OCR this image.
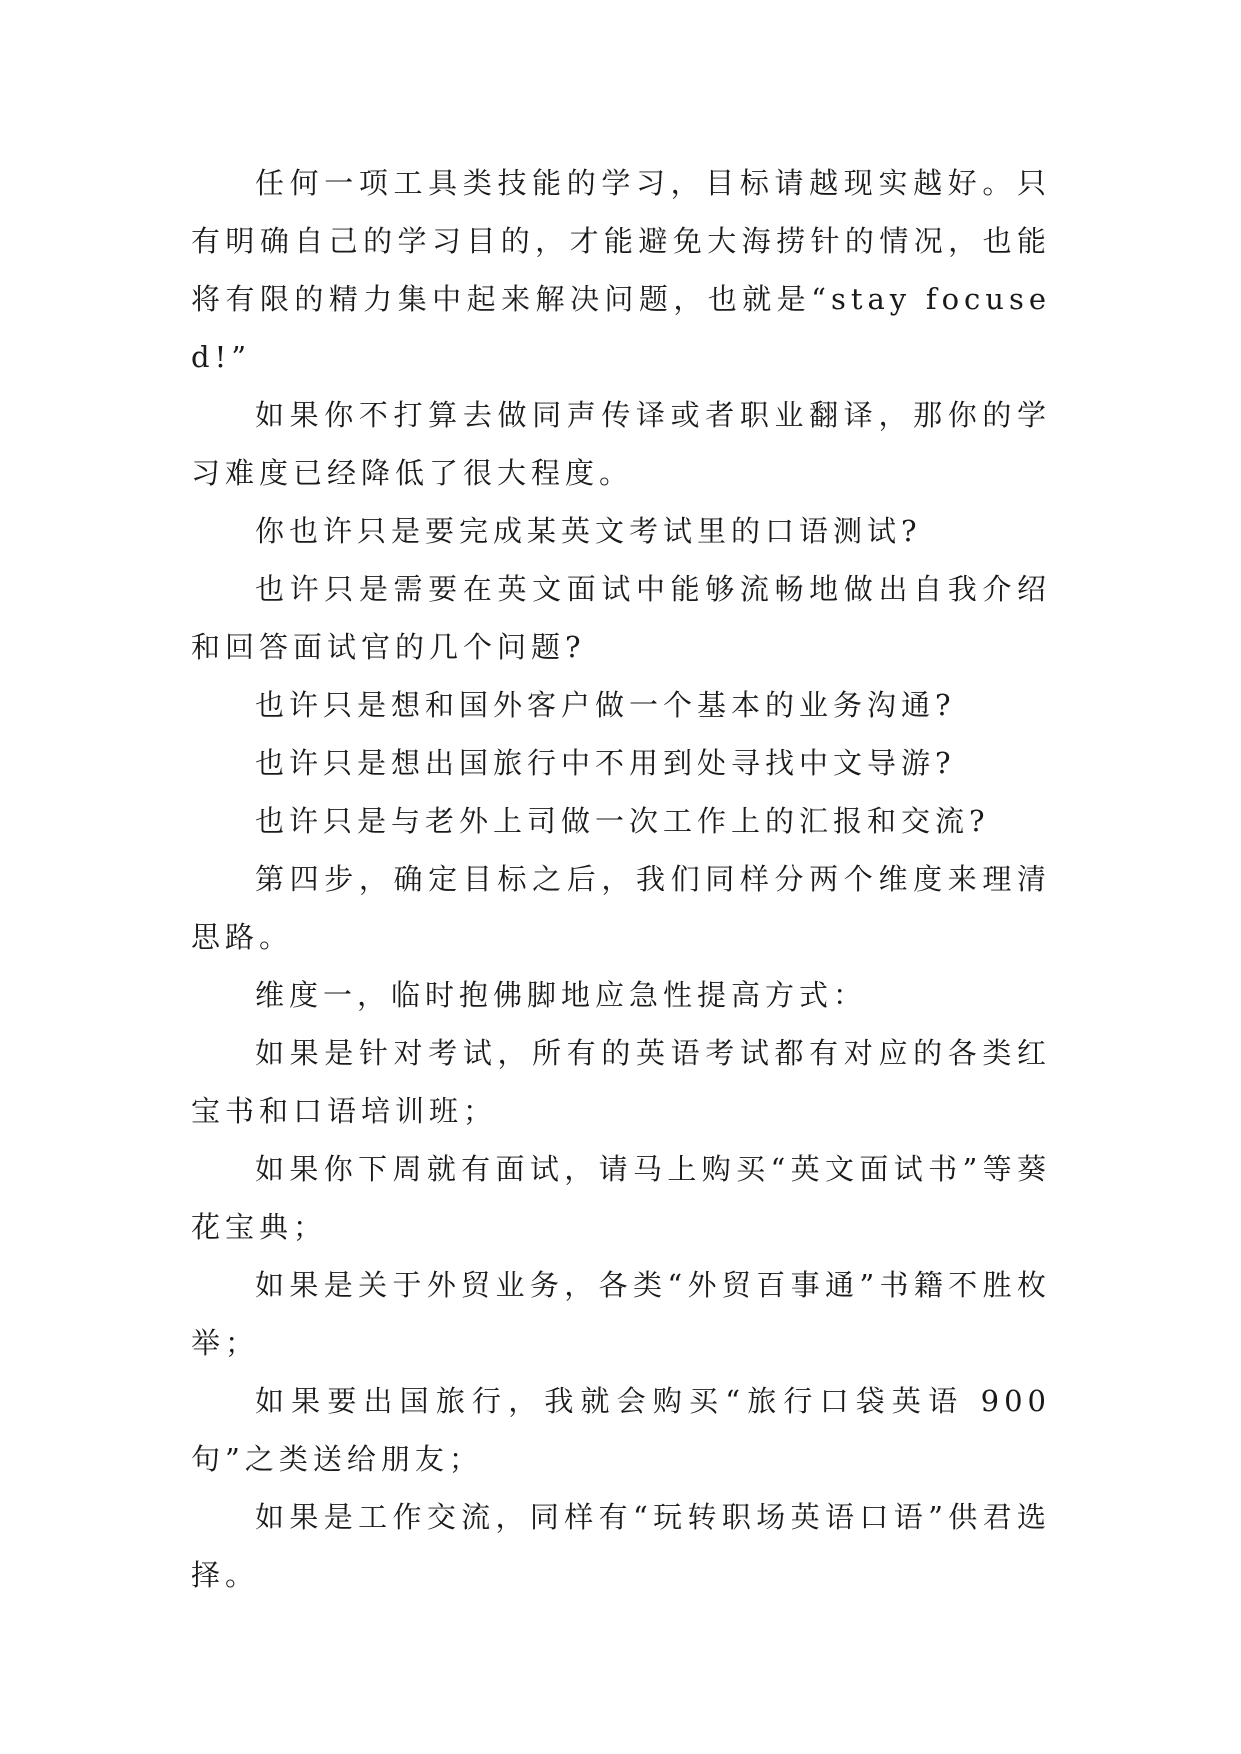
任何一项工具类技能的学习，目标请越现实越好。只有明确自己的学习目的，才能避免大海捞针的情况，也能将有限的精力集中起来解决问题，也就是“stay focused!”

如果你不打算去做同声传译或者职业翻译，那你的学习难度已经降低了很大程度。

你也许只是要完成某英文考试里的口语测试?

也许只是需要在英文面试中能够流畅地做出自我介绍和回答面试官的几个问题?

也许只是想和国外客户做一个基本的业务沟通?

也许只是想出国旅行中不用到处寻找中文导游?

也许只是与老外上司做一次工作上的汇报和交流?

第四步，确定目标之后，我们同样分两个维度来理清思路。

维度一，临时抱佛脚地应急性提高方式：

如果是针对考试，所有的英语考试都有对应的各类红宝书和口语培训班；

如果你下周就有面试，请马上购买“英文面试书”等葵花宝典；

如果是关于外贸业务，各类“外贸百事通”书籍不胜枚举；

如果要出国旅行，我就会购买“旅行口袋英语 900 句”之类送给朋友；

如果是工作交流，同样有“玩转职场英语口语”供君选择。
